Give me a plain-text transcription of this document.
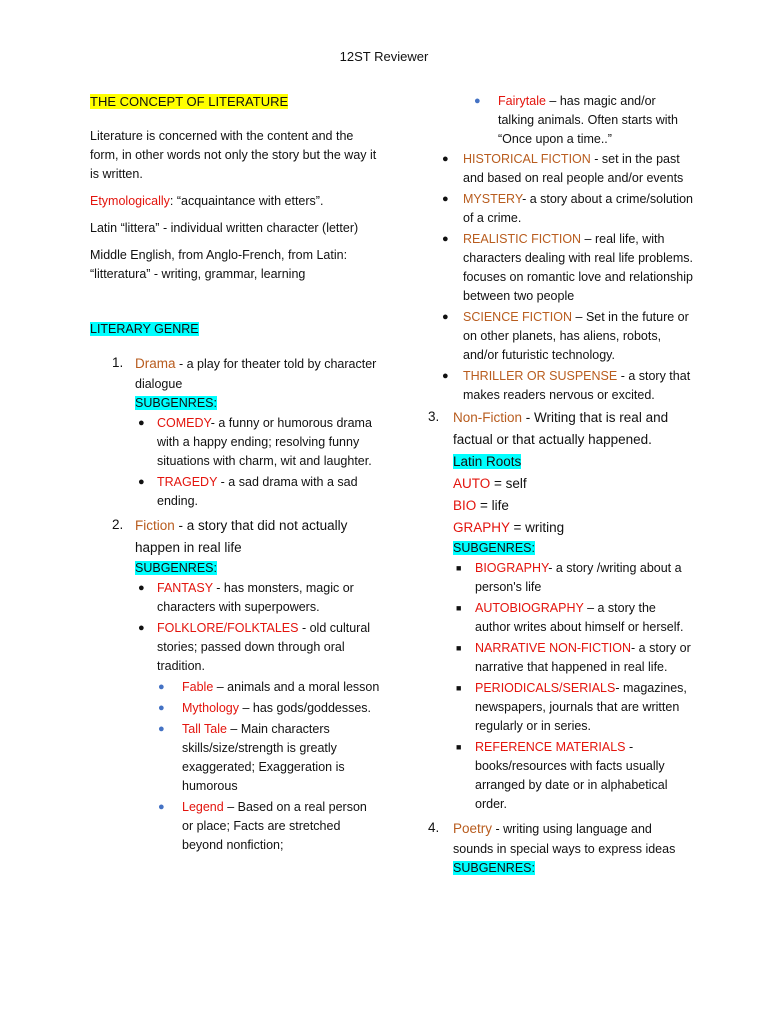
12ST Reviewer
THE CONCEPT OF LITERATURE

Literature is concerned with the content and the form, in other words not only the story but the way it is written.

Etymologically: “acquaintance with etters”.

Latin “littera” - individual written character (letter)

Middle English, from Anglo-French, from Latin: “litteratura” - writing, grammar, learning

LITERARY GENRE
1. Drama - a play for theater told by character dialogue
SUBGENRES:
● COMEDY- a funny or humorous drama with a happy ending; resolving funny situations with charm, wit and laughter.
● TRAGEDY - a sad drama with a sad ending.
2. Fiction - a story that did not actually happen in real life
SUBGENRES:
● FANTASY - has monsters, magic or characters with superpowers.
● FOLKLORE/FOLKTALES - old cultural stories; passed down through oral tradition.
● Fable – animals and a moral lesson
● Mythology – has gods/goddesses.
● Tall Tale – Main characters skills/size/strength is greatly exaggerated; Exaggeration is humorous
● Legend – Based on a real person or place; Facts are stretched beyond nonfiction;
● Fairytale – has magic and/or talking animals. Often starts with “Once upon a time..”
● HISTORICAL FICTION - set in the past and based on real people and/or events
● MYSTERY- a story about a crime/solution of a crime.
● REALISTIC FICTION – real life, with characters dealing with real life problems. focuses on romantic love and relationship between two people
● SCIENCE FICTION – Set in the future or on other planets, has aliens, robots, and/or futuristic technology.
● THRILLER OR SUSPENSE - a story that makes readers nervous or excited.
3. Non-Fiction - Writing that is real and factual or that actually happened.
Latin Roots
AUTO = self
BIO = life
GRAPHY = writing
SUBGENRES:
■ BIOGRAPHY- a story /writing about a person's life
■ AUTOBIOGRAPHY – a story the author writes about himself or herself.
■ NARRATIVE NON-FICTION- a story or narrative that happened in real life.
■ PERIODICALS/SERIALS- magazines, newspapers, journals that are written regularly or in series.
■ REFERENCE MATERIALS - books/resources with facts usually arranged by date or in alphabetical order.
4. Poetry - writing using language and sounds in special ways to express ideas
SUBGENRES:
